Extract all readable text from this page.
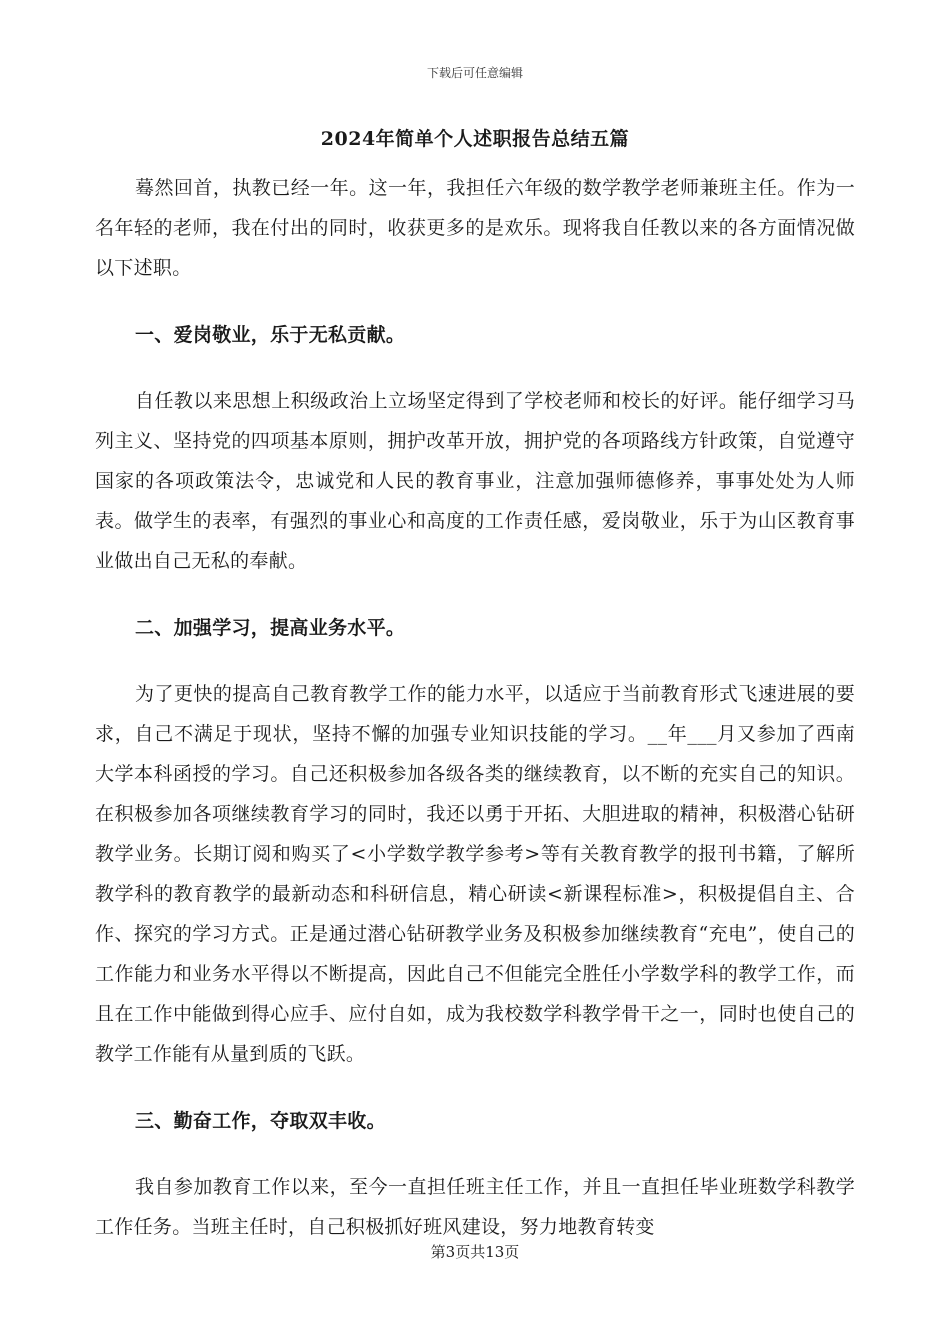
下载后可任意编辑
2024年简单个人述职报告总结五篇

蓦然回首，执教已经一年。这一年，我担任六年级的数学教学老师兼班主任。作为一名年轻的老师，我在付出的同时，收获更多的是欢乐。现将我自任教以来的各方面情况做以下述职。

一、爱岗敬业，乐于无私贡献。

自任教以来思想上积级政治上立场坚定得到了学校老师和校长的好评。能仔细学习马列主义、坚持党的四项基本原则，拥护改革开放，拥护党的各项路线方针政策，自觉遵守国家的各项政策法令，忠诚党和人民的教育事业，注意加强师德修养，事事处处为人师表。做学生的表率，有强烈的事业心和高度的工作责任感，爱岗敬业，乐于为山区教育事业做出自己无私的奉献。

二、加强学习，提高业务水平。

为了更快的提高自己教育教学工作的能力水平，以适应于当前教育形式飞速进展的要求，自己不满足于现状，坚持不懈的加强专业知识技能的学习。__年___月又参加了西南大学本科函授的学习。自己还积极参加各级各类的继续教育，以不断的充实自己的知识。在积极参加各项继续教育学习的同时，我还以勇于开拓、大胆进取的精神，积极潜心钻研教学业务。长期订阅和购买了<小学数学教学参考>等有关教育教学的报刊书籍，了解所教学科的教育教学的最新动态和科研信息，精心研读<新课程标准>，积极提倡自主、合作、探究的学习方式。正是通过潜心钻研教学业务及积极参加继续教育“充电”，使自己的工作能力和业务水平得以不断提高，因此自己不但能完全胜任小学数学科的教学工作，而且在工作中能做到得心应手、应付自如，成为我校数学科教学骨干之一，同时也使自己的教学工作能有从量到质的飞跃。

三、勤奋工作，夺取双丰收。

我自参加教育工作以来，至今一直担任班主任工作，并且一直担任毕业班数学科教学工作任务。当班主任时，自己积极抓好班风建设，努力地教育转变

第3页共13页
